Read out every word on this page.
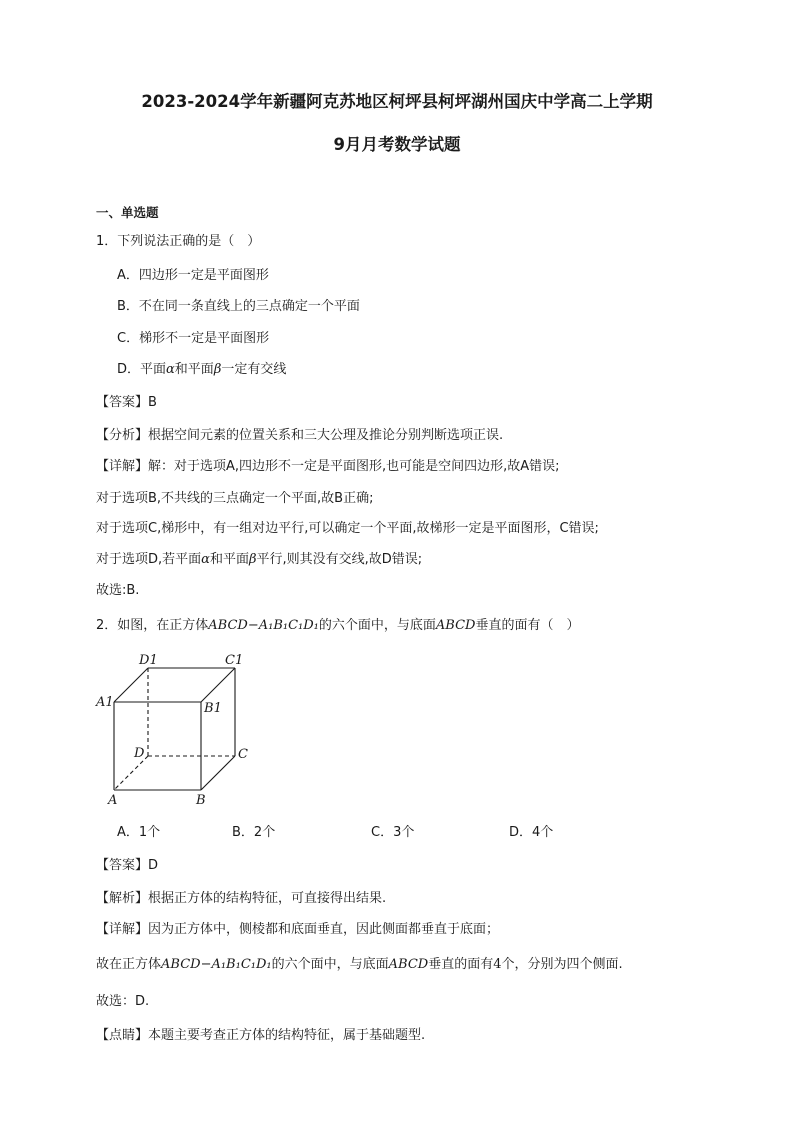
2023-2024学年新疆阿克苏地区柯坪县柯坪湖州国庆中学高二上学期
9月月考数学试题
一、单选题
1．下列说法正确的是（　）
A．四边形一定是平面图形
B．不在同一条直线上的三点确定一个平面
C．梯形不一定是平面图形
D．平面α和平面β一定有交线
【答案】B
【分析】根据空间元素的位置关系和三大公理及推论分别判断选项正误.
【详解】解：对于选项A,四边形不一定是平面图形,也可能是空间四边形,故A错误;
对于选项B,不共线的三点确定一个平面,故B正确;
对于选项C,梯形中，有一组对边平行,可以确定一个平面,故梯形一定是平面图形，C错误;
对于选项D,若平面α和平面β平行,则其没有交线,故D错误;
故选:B.
2．如图，在正方体ABCD−A₁B₁C₁D₁的六个面中，与底面ABCD垂直的面有（　）
D1	C1
A1	B1
D	C
A	B
A．1个	B．2个	C．3个	D．4个
【答案】D
【解析】根据正方体的结构特征，可直接得出结果.
【详解】因为正方体中，侧棱都和底面垂直，因此侧面都垂直于底面；
故在正方体ABCD−A₁B₁C₁D₁的六个面中，与底面ABCD垂直的面有4个，分别为四个侧面.
故选：D.
【点睛】本题主要考查正方体的结构特征，属于基础题型.
